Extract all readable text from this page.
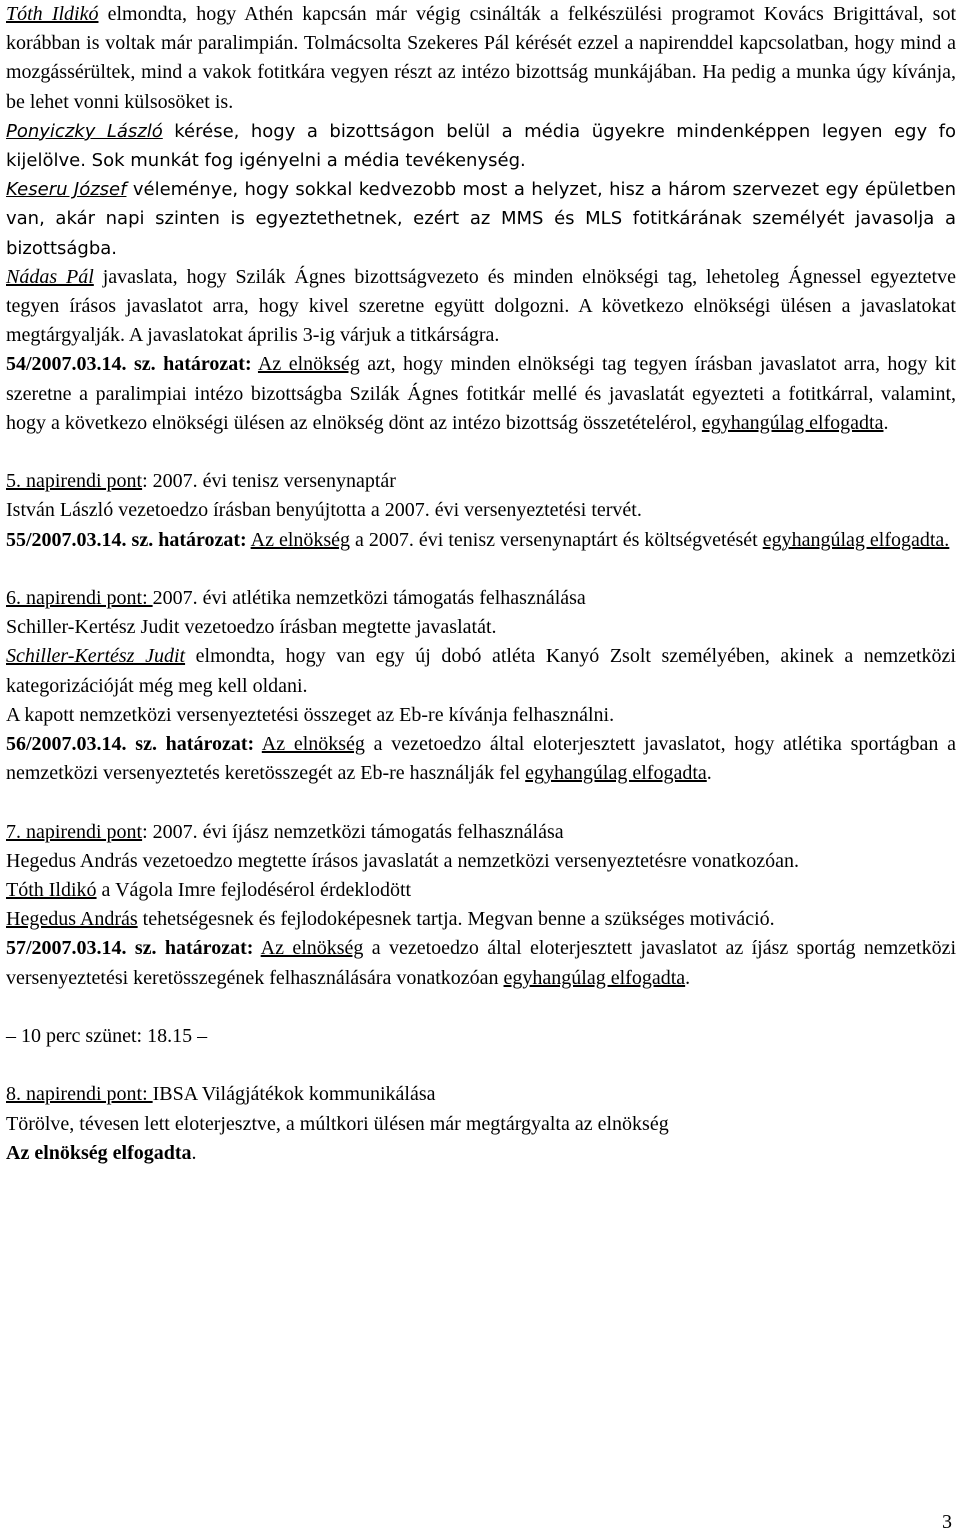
Tóth Ildikó elmondta, hogy Athén kapcsán már végig csinálták a felkészülési programot Kovács Brigittával, sot korábban is voltak már paralimpián. Tolmácsolta Szekeres Pál kérését ezzel a napirenddel kapcsolatban, hogy mind a mozgássérültek, mind a vakok fotitkára vegyen részt az intézo bizottság munkájában. Ha pedig a munka úgy kívánja, be lehet vonni külsosöket is.

Ponyiczky László kérése, hogy a bizottságon belül a média ügyekre mindenképpen legyen egy fo kijelölve. Sok munkát fog igényelni a média tevékenység.

Keseru József véleménye, hogy sokkal kedvezobb most a helyzet, hisz a három szervezet egy épületben van, akár napi szinten is egyeztethetnek, ezért az MMS és MLS fotitkárának személyét javasolja a bizottságba.

Nádas Pál javaslata, hogy Szilák Ágnes bizottságvezeto és minden elnökségi tag, lehetoleg Ágnessel egyeztetve tegyen írásos javaslatot arra, hogy kivel szeretne együtt dolgozni. A következo elnökségi ülésen a javaslatokat megtárgyalják. A javaslatokat április 3-ig várjuk a titkárságra.

54/2007.03.14. sz. határozat: Az elnökség azt, hogy minden elnökségi tag tegyen írásban javaslatot arra, hogy kit szeretne a paralimpiai intézo bizottságba Szilák Ágnes fotitkár mellé és javaslatát egyezteti a fotitkárral, valamint, hogy a következo elnökségi ülésen az elnökség dönt az intézo bizottság összetételérol, egyhangúlag elfogadta.

5. napirendi pont: 2007. évi tenisz versenynaptár

István László vezetoedzo írásban benyújtotta a 2007. évi versenyeztetési tervét.

55/2007.03.14. sz. határozat: Az elnökség a 2007. évi tenisz versenynaptárt és költségvetését egyhangúlag elfogadta.

6. napirendi pont: 2007. évi atlétika nemzetközi támogatás felhasználása

Schiller-Kertész Judit vezetoedzo írásban megtette javaslatát.

Schiller-Kertész Judit elmondta, hogy van egy új dobó atléta Kanyó Zsolt személyében, akinek a nemzetközi kategorizációját még meg kell oldani.

A kapott nemzetközi versenyeztetési összeget az Eb-re kívánja felhasználni.

56/2007.03.14. sz. határozat: Az elnökség a vezetoedzo által eloterjesztett javaslatot, hogy atlétika sportágban a nemzetközi versenyeztetés keretösszegét az Eb-re használják fel egyhangúlag elfogadta.

7. napirendi pont: 2007. évi íjász nemzetközi támogatás felhasználása

Hegedus András vezetoedzo megtette írásos javaslatát a nemzetközi versenyeztetésre vonatkozóan.

Tóth Ildikó a Vágola Imre fejlodésérol érdeklodött

Hegedus András tehetségesnek és fejlodoképesnek tartja. Megvan benne a szükséges motiváció.

57/2007.03.14. sz. határozat: Az elnökség a vezetoedzo által eloterjesztett javaslatot az íjász sportág nemzetközi versenyeztetési keretösszegének felhasználására vonatkozóan egyhangúlag elfogadta.

– 10 perc szünet: 18.15 –

8. napirendi pont: IBSA Világjátékok kommunikálása

Törölve, tévesen lett eloterjesztve, a múltkori ülésen már megtárgyalta az elnökség

Az elnökség elfogadta.

3
